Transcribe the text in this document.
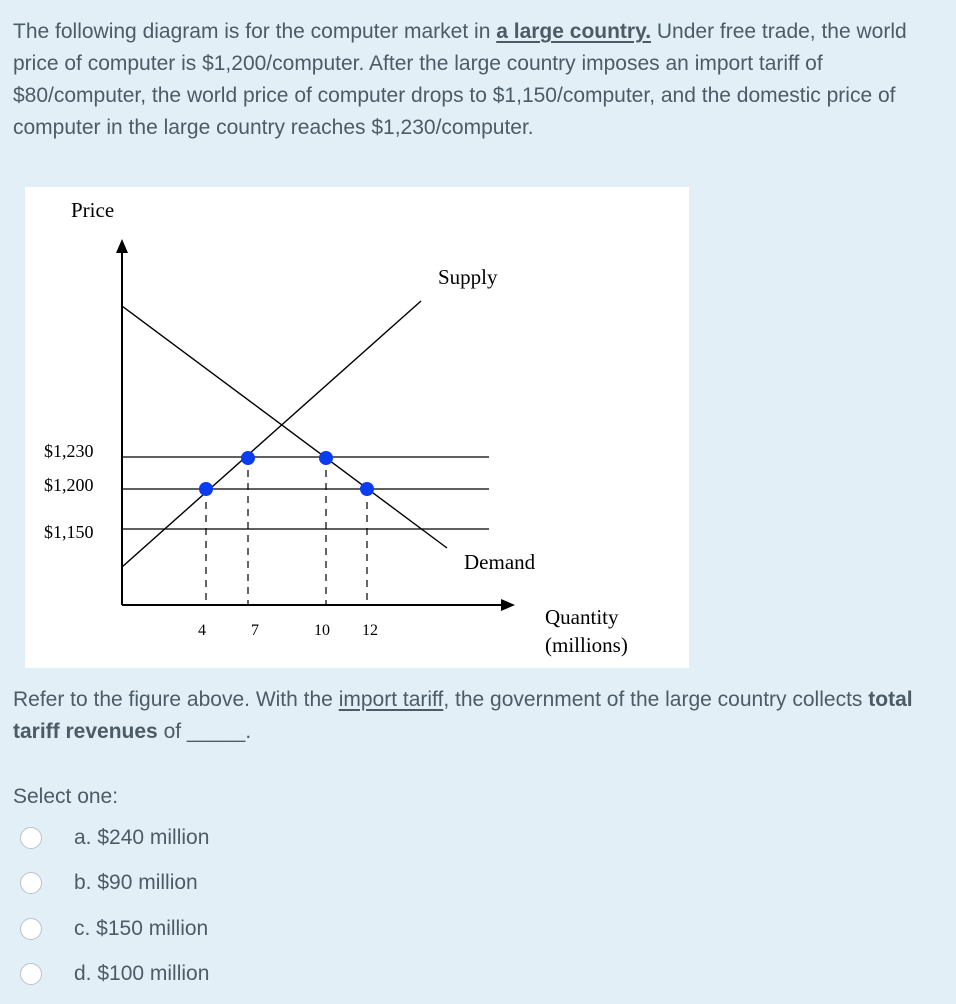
The following diagram is for the computer market in a large country. Under free trade, the world price of computer is $1,200/computer. After the large country imposes an import tariff of $80/computer, the world price of computer drops to $1,150/computer, and the domestic price of computer in the large country reaches $1,230/computer.
Price
Supply
Demand
$1,230
$1,200
$1,150
4	7	10 12
Quantity
(millions)
Refer to the figure above. With the import tariff, the government of the large country collects total tariff revenues of _____.
Select one:
a. $240 million
b. $90 million
c. $150 million
d. $100 million
